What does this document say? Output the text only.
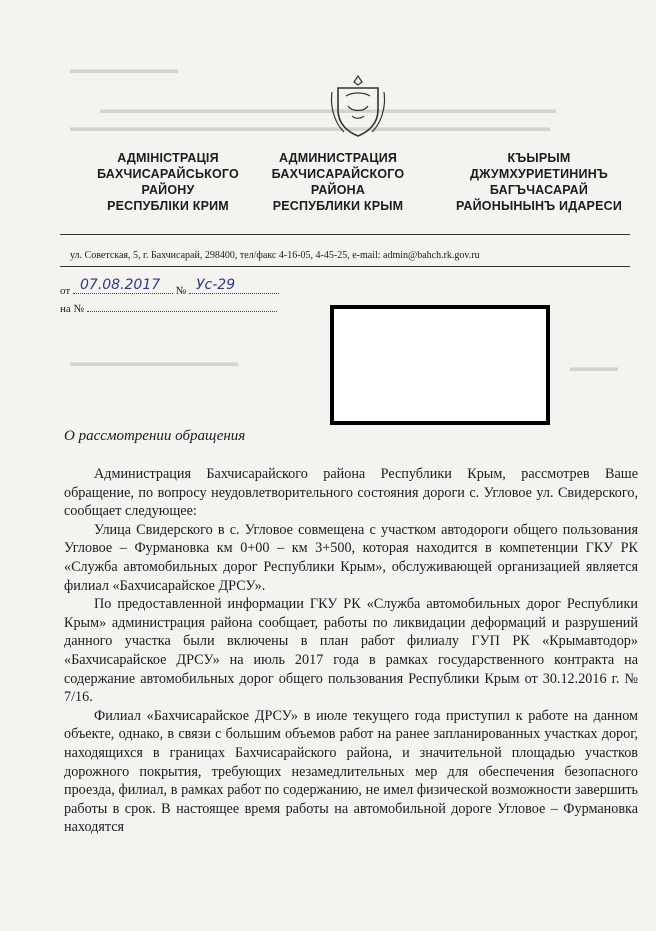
▬▬▬▬▬▬▬▬▬
▬▬▬▬▬▬▬▬▬▬▬▬▬▬▬▬▬▬▬▬▬▬▬▬▬▬▬▬▬▬▬▬▬▬▬▬▬▬
▬▬▬▬▬▬▬▬▬▬▬▬▬▬▬▬▬▬▬▬▬▬▬▬▬▬▬▬▬▬▬▬▬▬▬▬▬▬▬▬
▬▬▬▬▬▬▬▬▬▬▬▬▬▬	▬▬▬▬
АДМІНІСТРАЦІЯ
БАХЧИСАРАЙСЬКОГО
РАЙОНУ
РЕСПУБЛІКИ КРИМ
АДМИНИСТРАЦИЯ
БАХЧИСАРАЙСКОГО
РАЙОНА
РЕСПУБЛИКИ КРЫМ
КЪЫРЫМ
ДЖУМХУРИЕТИНИНЪ
БАГЪЧАСАРАЙ
РАЙОНЫНЫНЪ ИДАРЕСИ
ул. Советская, 5, г. Бахчисарай, 298400, тел/факс 4-16-05, 4-45-25, e-mail: admin@bahch.rk.gov.ru
от	№
07.08.2017	Ус-29
на №
О рассмотрении обращения

Администрация Бахчисарайского района Республики Крым, рассмотрев Ваше обращение, по вопросу неудовлетворительного состояния дороги с. Угловое ул. Свидерского, сообщает следующее:

Улица Свидерского в с. Угловое совмещена с участком автодороги общего пользования Угловое – Фурмановка км 0+00 – км 3+500, которая находится в компетенции ГКУ РК «Служба автомобильных дорог Республики Крым», обслуживающей организацией является филиал «Бахчисарайское ДРСУ».

По предоставленной информации ГКУ РК «Служба автомобильных дорог Республики Крым» администрация района сообщает, работы по ликвидации деформаций и разрушений данного участка были включены в план работ филиалу ГУП РК «Крымавтодор» «Бахчисарайское ДРСУ» на июль 2017 года в рамках государственного контракта на содержание автомобильных дорог общего пользования Республики Крым от 30.12.2016 г. № 7/16.

Филиал «Бахчисарайское ДРСУ» в июле текущего года приступил к работе на данном объекте, однако, в связи с большим объемов работ на ранее запланированных участках дорог, находящихся в границах Бахчисарайского района, и значительной площадью участков дорожного покрытия, требующих незамедлительных мер для обеспечения безопасного проезда, филиал, в рамках работ по содержанию, не имел физической возможности завершить работы в срок. В настоящее время работы на автомобильной дороге Угловое – Фурмановка находятся
